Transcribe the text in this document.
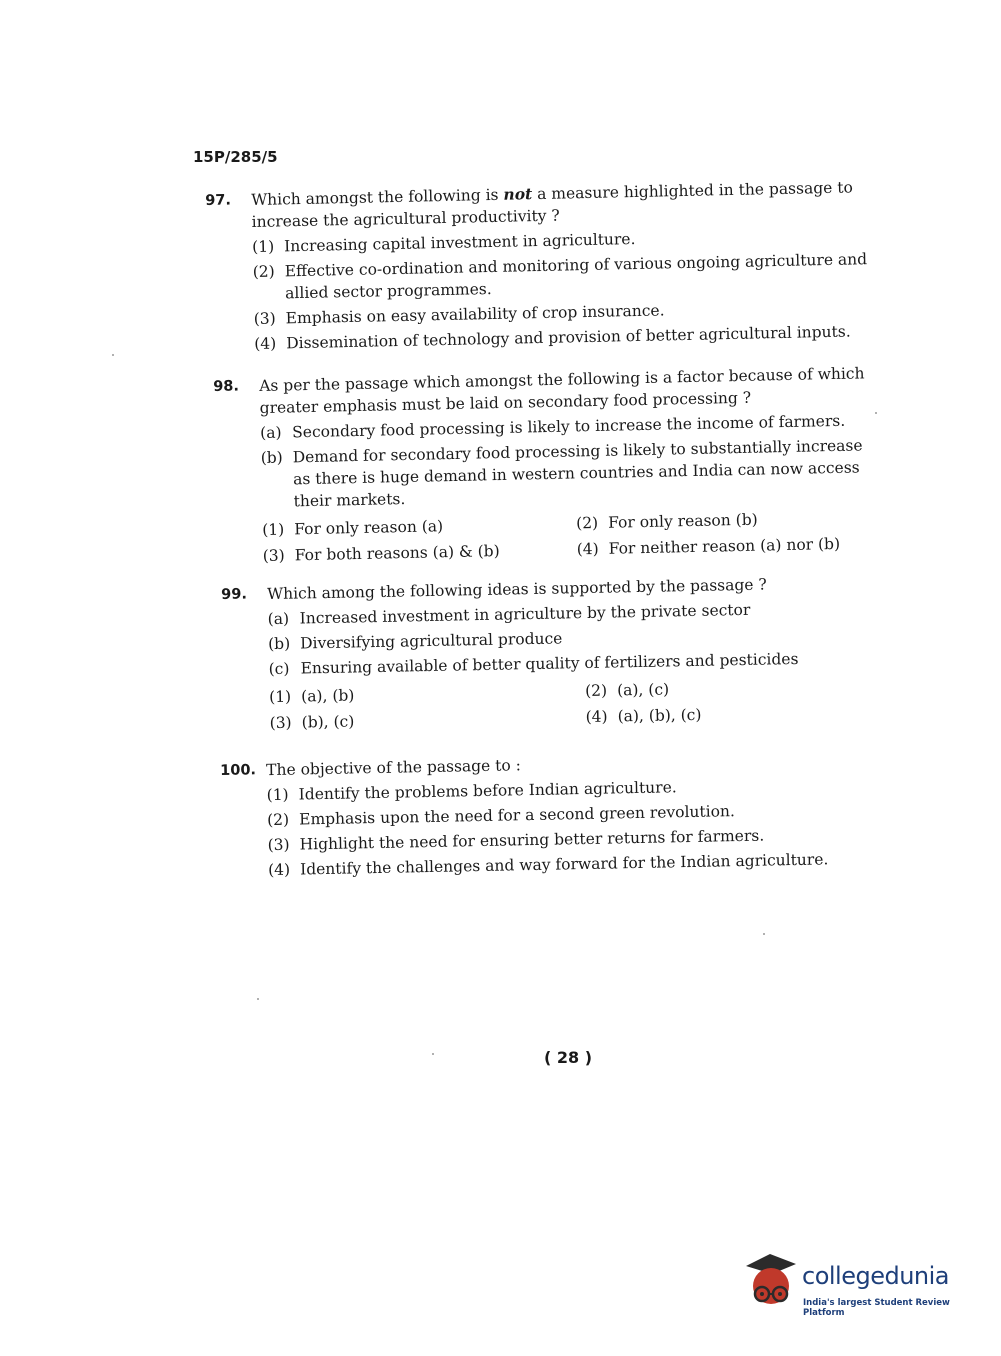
15P/285/5
97.	Which amongst the following is not a measure highlighted in the passage to increase the agricultural productivity ?
(1) Increasing capital investment in agriculture.
(2) Effective co-ordination and monitoring of various ongoing agriculture and allied sector programmes.
(3) Emphasis on easy availability of crop insurance.
(4) Dissemination of technology and provision of better agricultural inputs.
98.	As per the passage which amongst the following is a factor because of which greater emphasis must be laid on secondary food processing ?
(a) Secondary food processing is likely to increase the income of farmers.
(b) Demand for secondary food processing is likely to substantially increase as there is huge demand in western countries and India can now access their markets.
(1) For only reason (a)	(2) For only reason (b)
(3) For both reasons (a) & (b)	(4) For neither reason (a) nor (b)
99.	Which among the following ideas is supported by the passage ?
(a) Increased investment in agriculture by the private sector
(b) Diversifying agricultural produce
(c) Ensuring available of better quality of fertilizers and pesticides
(1) (a), (b)	(2) (a), (c)
(3) (b), (c)	(4) (a), (b), (c)
100. The objective of the passage to :
(1) Identify the problems before Indian agriculture.
(2) Emphasis upon the need for a second green revolution.
(3) Highlight the need for ensuring better returns for farmers.
(4) Identify the challenges and way forward for the Indian agriculture.
( 28 )
collegedunia
India's largest Student Review Platform
